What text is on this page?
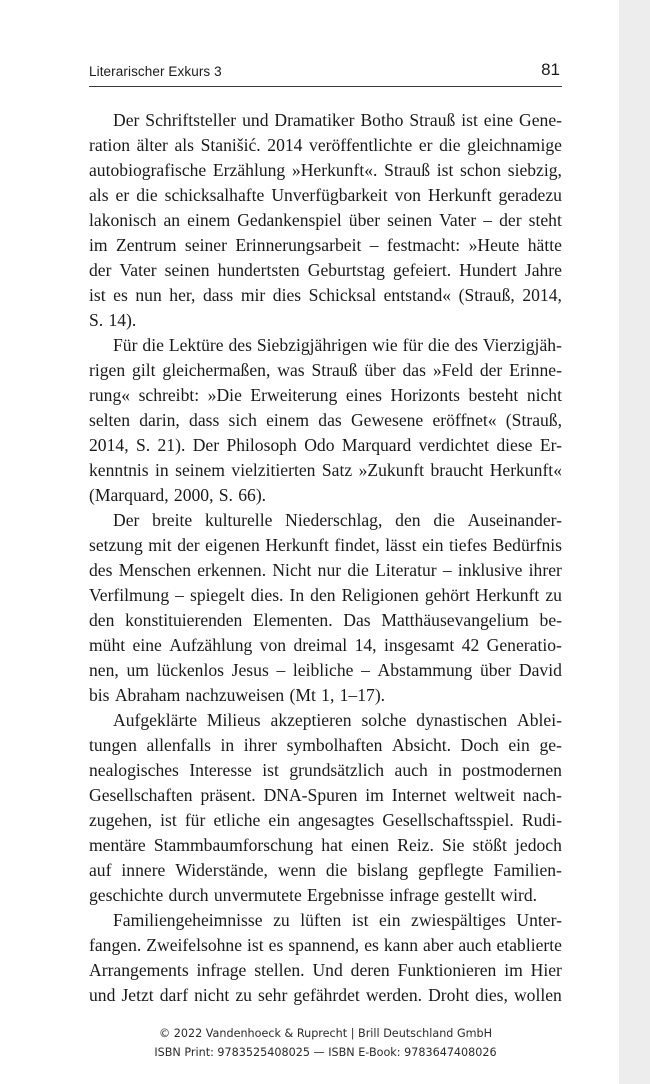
Literarischer Exkurs 3	81
Der Schriftsteller und Dramatiker Botho Strauß ist eine Gene-
ration älter als Stanišić. 2014 veröffentlichte er die gleichnamige
autobiografische Erzählung »Herkunft«. Strauß ist schon siebzig,
als er die schicksalhafte Unverfügbarkeit von Herkunft geradezu
lakonisch an einem Gedankenspiel über seinen Vater – der steht
im Zentrum seiner Erinnerungsarbeit – festmacht: »Heute hätte
der Vater seinen hundertsten Geburtstag gefeiert. Hundert Jahre
ist es nun her, dass mir dies Schicksal entstand« (Strauß, 2014,
S. 14).
Für die Lektüre des Siebzigjährigen wie für die des Vierzigjäh-
rigen gilt gleichermaßen, was Strauß über das »Feld der Erinne-
rung« schreibt: »Die Erweiterung eines Horizonts besteht nicht
selten darin, dass sich einem das Gewesene eröffnet« (Strauß,
2014, S. 21). Der Philosoph Odo Marquard verdichtet diese Er-
kenntnis in seinem vielzitierten Satz »Zukunft braucht Herkunft«
(Marquard, 2000, S. 66).
Der breite kulturelle Niederschlag, den die Auseinander-
setzung mit der eigenen Herkunft findet, lässt ein tiefes Bedürfnis
des Menschen erkennen. Nicht nur die Literatur – inklusive ihrer
Verfilmung – spiegelt dies. In den Religionen gehört Herkunft zu
den konstituierenden Elementen. Das Matthäusevangelium be-
müht eine Aufzählung von dreimal 14, insgesamt 42 Generatio-
nen, um lückenlos Jesus – leibliche – Abstammung über David
bis Abraham nachzuweisen (Mt 1, 1–17).
Aufgeklärte Milieus akzeptieren solche dynastischen Ablei-
tungen allenfalls in ihrer symbolhaften Absicht. Doch ein ge-
nealogisches Interesse ist grundsätzlich auch in postmodernen
Gesellschaften präsent. DNA-Spuren im Internet weltweit nach-
zugehen, ist für etliche ein angesagtes Gesellschaftsspiel. Rudi-
mentäre Stammbaumforschung hat einen Reiz. Sie stößt jedoch
auf innere Widerstände, wenn die bislang gepflegte Familien-
geschichte durch unvermutete Ergebnisse infrage gestellt wird.
Familiengeheimnisse zu lüften ist ein zwiespältiges Unter-
fangen. Zweifelsohne ist es spannend, es kann aber auch etablierte
Arrangements infrage stellen. Und deren Funktionieren im Hier
und Jetzt darf nicht zu sehr gefährdet werden. Droht dies, wollen
© 2022 Vandenhoeck & Ruprecht | Brill Deutschland GmbH
ISBN Print: 9783525408025 — ISBN E-Book: 9783647408026
